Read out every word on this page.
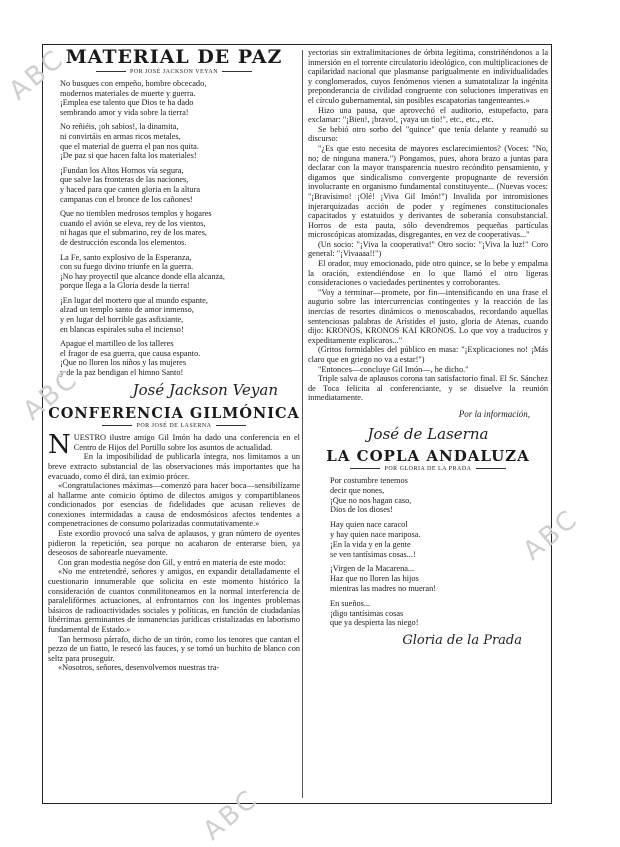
MATERIAL DE PAZ
POR JOSÉ JACKSON VEYAN
No busques con empeño, hombre obcecado,
modernos materiales de muerte y guerra.
¡Emplea ese talento que Dios te ha dado
sembrando amor y vida sobre la tierra!
No reñiéis, ¡oh sabios!, la dinamita,
ni convirtáis en armas ricos metales,
que el material de guerra el pan nos quita.
¡De paz si que hacen falta los materiales!
¡Fundan los Altos Hornos vía segura,
que salve las fronteras de las naciones,
y haced para que canten gloria en la altura
campanas con el bronce de los cañones!
Que no tiemblen medrosos templos y hogares
cuando el avión se eleva, rey de los vientos,
ni hagas que el submarino, rey de los mares,
de destrucción esconda los elementos.
La Fe, santo explosivo de la Esperanza,
con su fuego divino triunfe en la guerra.
¡No hay proyectil que alcance donde ella alcanza,
porque llega a la Gloria desde la tierra!
¡En lugar del mortero que al mundo espante,
alzad un templo santo de amor inmenso,
y en lugar del horrible gas asfixiante,
en blancas espirales suba el incienso!
Apague el martilleo de los talleres
el fragor de esa guerra, que causa espanto.
¡Que no lloren los niños y las mujeres
y de la paz bendigan el himno Santo!
José Jackson Veyan
CONFERENCIA GILMÓNICA
POR JOSÉ DE LASERNA
N UESTRO ilustre amigo Gil Imón ha dado una conferencia en el Centro de Hijos del Portillo sobre los asuntos de actualidad.

En la imposibilidad de publicarla íntegra, nos limitamos a un breve extracto substancial de las observaciones más importantes que ha evacuado, como él dirá, tan eximio prócer.

«Congratulaciones máximas—comenzó para hacer boca—sensibilízame al hallarme ante comicio óptimo de dilectos amigos y compartiblaneos condicionados por esencias de fidelidades que acusan relieves de conexiones intermidadas a causa de endosmósicos afectos tendentes a compenetraciones de consumo polarizadas conmutativamente.»

Este exordio provocó una salva de aplausos, y gran número de oyentes pidieron la repetición, sea porque no acabaron de enterarse bien, ya deseosos de saborearle nuevamente.

Con gran modestia negóse don Gil, y entró en materia de este modo:

«No me entretendré, señores y amigos, en expandir detalladamente el cuestionario innumerable que solicita en este momento histórico la consideración de cuantos conmilitoneamos en la normal interferencia de paralelifórmes actuaciones, al enfrontarnos con los ingentes problemas básicos de radioactividades sociales y políticas, en función de ciudadanías libérrimas germinantes de inmanencias jurídicas cristalizadas en laborismo fundamental de Estado.»

Tan hermoso párrafo, dicho de un tirón, como los tenores que cantan el pezzo de un fiatto, le resecó las fauces, y se tomó un buchito de blanco con seltz para proseguir.

«Nosotros, señores, desenvolvemos nuestras tra-

yectorias sin extralimitaciones de órbita legítima, constriñéndonos a la inmersión en el torrente circulatorio ideológico, con multiplicaciones de capilaridad nacional que plasmanse parigualmente en individualidades y conglomerados, cuyos fenómenos vienen a sumatotalizar la ingénita preponderancia de civilidad congruente con soluciones imperativas en el círculo gubernamental, sin posibles escapatorias tangenteantes.»

Hizo una pausa, que aprovechó el auditorio, estupefacto, para exclamar: "¡Bien!, ¡bravo!, ¡vaya un tío!", etc., etc., etc.

Se bebió otro sorbo del "quince" que tenía delante y reanudó su discurso:

"¿Es que esto necesita de mayores esclarecimientos? (Voces: "No, no; de ninguna manera.") Pongamos, pues, ahora brazo a juntas para declarar con la mayor transparencia nuestro recóndito pensamiento, y digamos que sindicalismo convergente propugnante de reversión involucrante en organismo fundamental constituyente... (Nuevas voces: "¡Bravísimo! ¡Olé! ¡Viva Gil Imón!") Invalida por intromisiones injerarquizadas acción de poder y regímenes constitucionales capacitados y estatuidos y derivantes de soberanía consubstancial. Horros de esta pauta, sólo devendremos pequeñas partículas microscópicas atomizadas, disgregantes, en vez de cooperativas..."

(Un socio: "¡Viva la cooperativa!" Otro socio: "¡Viva la luz!" Coro general: "¡Vivaaaa!!")

El orador, muy emocionado, pide otro quince, se lo bebe y empalma la oración, extendiéndose en lo que llamó el otro ligeras consideraciones o vaciedades pertinentes y corroborantes.

"Voy a terminar—promete, por fin—intensificando en una frase el augurio sobre las intercurrencias contingentes y la reacción de las inercias de resortes dinámicos o menoscabados, recordando aquellas sentenciosas palabras de Arístides el justo, gloria de Atenas, cuando dijo: KRONOS, KRONOS KAI KRONOS. Lo que voy a traduciros y expeditamente explicaros..."

(Gritos formidables del público en masa: "¡Explicaciones no! ¡Más claro que en griego no va a estar!")

"Entonces—concluye Gil Imón—, he dicho."

Triple salva de aplausos corona tan satisfactorio final. El Sr. Sánchez de Toca felicita al conferenciante, y se disuelve la reunión inmediatamente.

Por la información,
José de Laserna
LA COPLA ANDALUZA
POR GLORIA DE LA PRADA
Por costumbre tenemos
decir que nones,
¡Que no nos hagan caso,
Dios de los dioses!
Hay quien nace caracol
y hay quien nace mariposa.
¡En la vida y en la gente
se ven tantísimas cosas...!
¡Virgen de la Macarena...
Haz que no lloren las hijos
mientras las madres no mueran!
En sueños...
¡digo tantísimas cosas
que ya despierta las niego!
Gloria de la Prada
ABC
ABC
ABC
ABC
